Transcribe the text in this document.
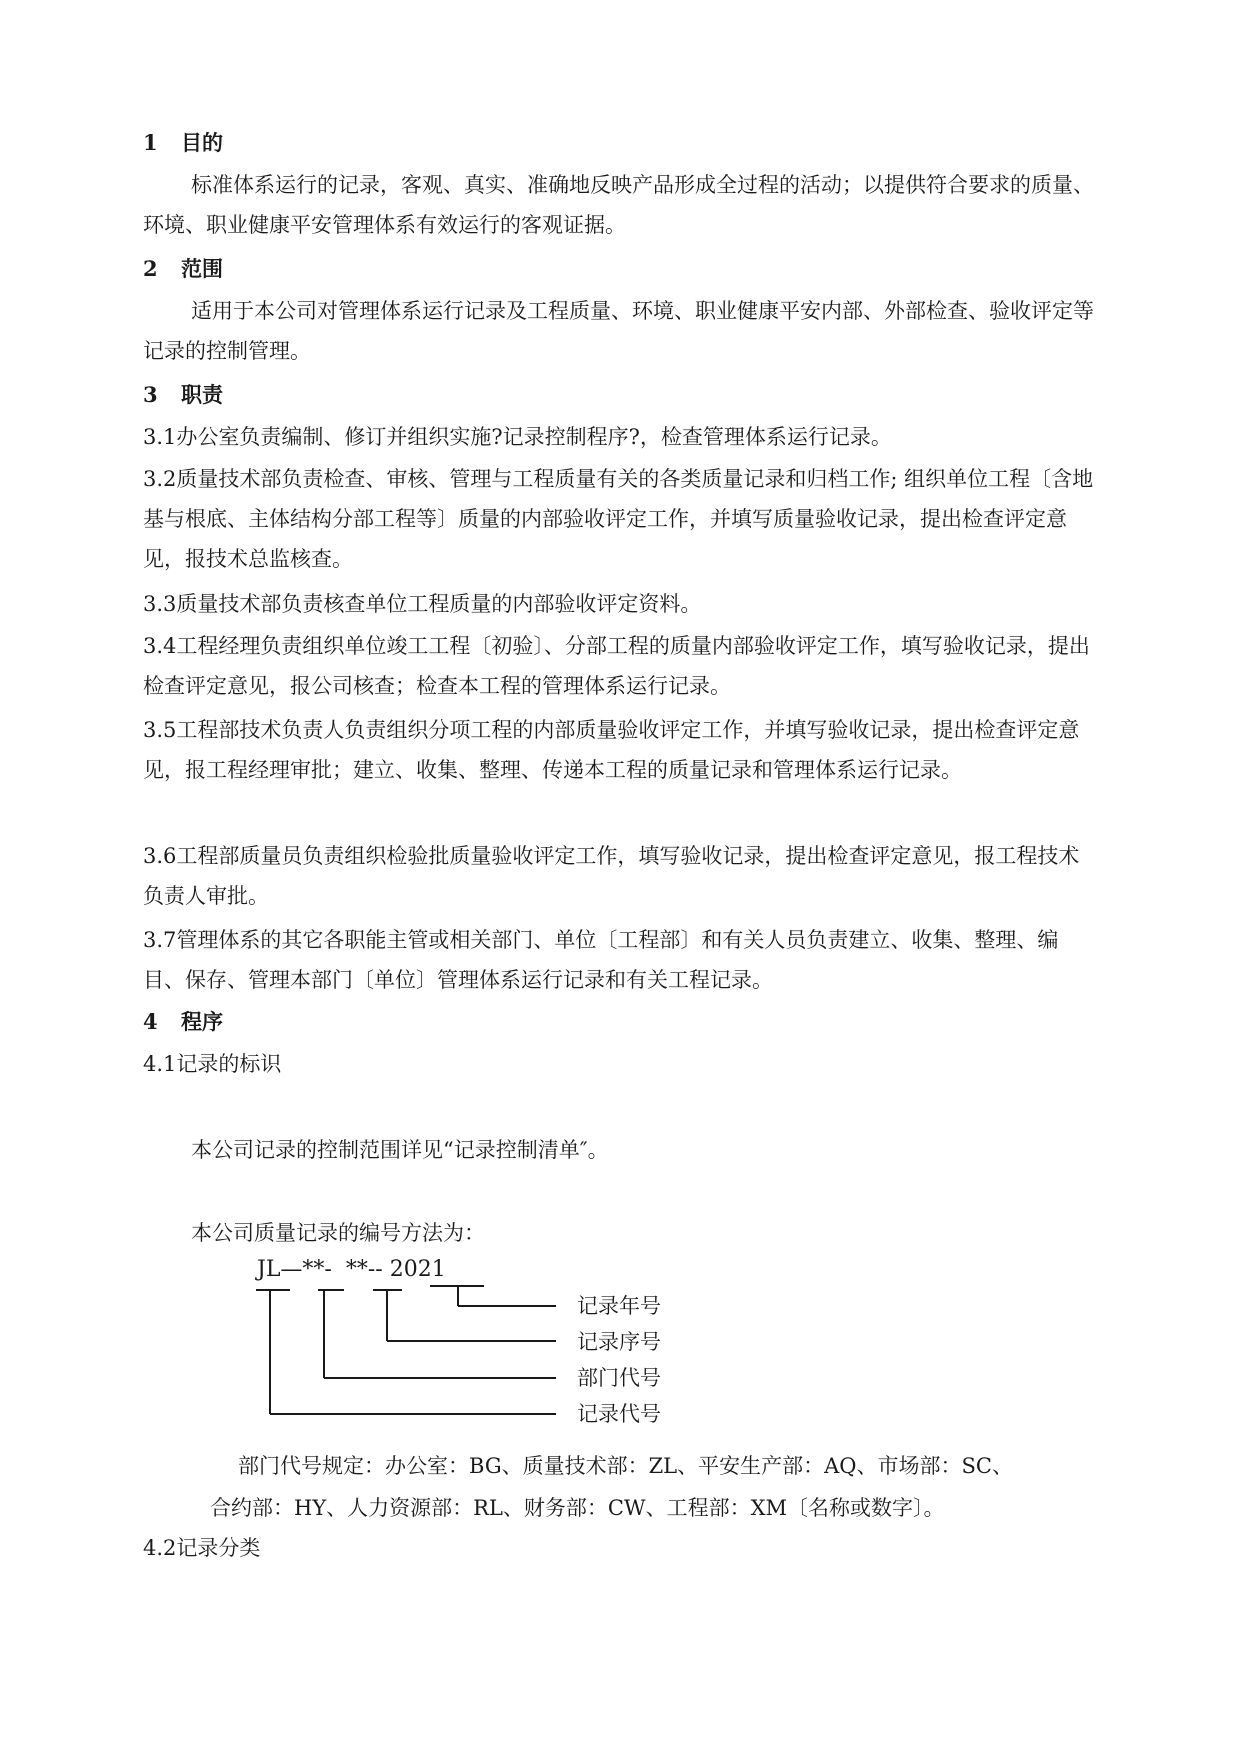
1 目的

标准体系运行的记录，客观、真实、准确地反映产品形成全过程的活动；以提供符合要求的质量、环境、职业健康平安管理体系有效运行的客观证据。

2 范围

适用于本公司对管理体系运行记录及工程质量、环境、职业健康平安内部、外部检查、验收评定等记录的控制管理。

3 职责

3.1办公室负责编制、修订并组织实施?记录控制程序?，检查管理体系运行记录。

3.2质量技术部负责检查、审核、管理与工程质量有关的各类质量记录和归档工作; 组织单位工程〔含地基与根底、主体结构分部工程等〕质量的内部验收评定工作，并填写质量验收记录，提出检查评定意见，报技术总监核查。

3.3质量技术部负责核查单位工程质量的内部验收评定资料。

3.4工程经理负责组织单位竣工工程〔初验〕、分部工程的质量内部验收评定工作，填写验收记录，提出检查评定意见，报公司核查；检查本工程的管理体系运行记录。

3.5工程部技术负责人负责组织分项工程的内部质量验收评定工作，并填写验收记录，提出检查评定意见，报工程经理审批；建立、收集、整理、传递本工程的质量记录和管理体系运行记录。

3.6工程部质量员负责组织检验批质量验收评定工作，填写验收记录，提出检查评定意见，报工程技术负责人审批。

3.7管理体系的其它各职能主管或相关部门、单位〔工程部〕和有关人员负责建立、收集、整理、编目、保存、管理本部门〔单位〕管理体系运行记录和有关工程记录。

4 程序

4.1记录的标识

本公司记录的控制范围详见“记录控制清单″。

本公司质量记录的编号方法为：

JL—**-  **-- 2021
记录年号
记录序号
部门代号
记录代号
部门代号规定：办公室：BG、质量技术部：ZL、平安生产部：AQ、市场部：SC、
合约部：HY、人力资源部：RL、财务部：CW、工程部：XM〔名称或数字〕。

4.2记录分类
